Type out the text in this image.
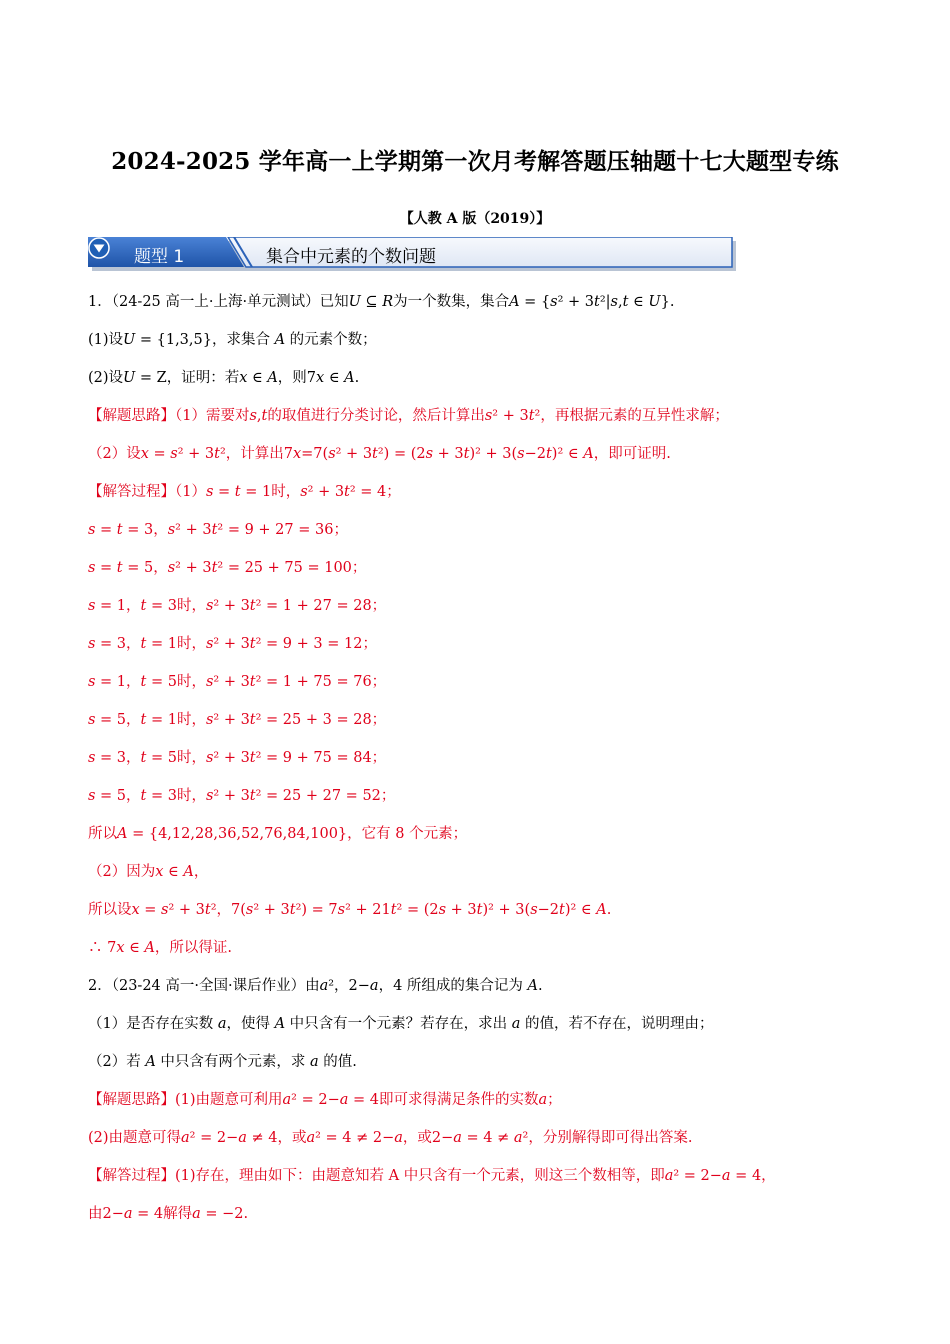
2024-2025 学年高一上学期第一次月考解答题压轴题十七大题型专练
【人教 A 版（2019）】
题型 1	集合中元素的个数问题
1．（24-25 高一上·上海·单元测试）已知𝑈 ⊆ 𝑅为一个数集，集合𝐴 = {𝑠² + 3𝑡²|𝑠,𝑡 ∈ 𝑈}.
(1)设𝑈 = {1,3,5}，求集合 𝐴 的元素个数；
(2)设𝑈 = Z，证明：若𝑥 ∈ 𝐴，则7𝑥 ∈ 𝐴.
【解题思路】（1）需要对𝑠,𝑡的取值进行分类讨论，然后计算出𝑠² + 3𝑡²，再根据元素的互异性求解；
（2）设𝑥 = 𝑠² + 3𝑡²，计算出7𝑥=7(𝑠² + 3𝑡²) = (2𝑠 + 3𝑡)² + 3(𝑠−2𝑡)² ∈ 𝐴，即可证明.
【解答过程】（1）𝑠 = 𝑡 = 1时，𝑠² + 3𝑡² = 4；
𝑠 = 𝑡 = 3，𝑠² + 3𝑡² = 9 + 27 = 36；
𝑠 = 𝑡 = 5，𝑠² + 3𝑡² = 25 + 75 = 100；
𝑠 = 1，𝑡 = 3时，𝑠² + 3𝑡² = 1 + 27 = 28；
𝑠 = 3，𝑡 = 1时，𝑠² + 3𝑡² = 9 + 3 = 12；
𝑠 = 1，𝑡 = 5时，𝑠² + 3𝑡² = 1 + 75 = 76；
𝑠 = 5，𝑡 = 1时，𝑠² + 3𝑡² = 25 + 3 = 28；
𝑠 = 3，𝑡 = 5时，𝑠² + 3𝑡² = 9 + 75 = 84；
𝑠 = 5，𝑡 = 3时，𝑠² + 3𝑡² = 25 + 27 = 52；
所以𝐴 = {4,12,28,36,52,76,84,100}，它有 8 个元素；
（2）因为𝑥 ∈ 𝐴，
所以设𝑥 = 𝑠² + 3𝑡²，7(𝑠² + 3𝑡²) = 7𝑠² + 21𝑡² = (2𝑠 + 3𝑡)² + 3(𝑠−2𝑡)² ∈ 𝐴.
∴ 7𝑥 ∈ 𝐴，所以得证.
2．（23-24 高一·全国·课后作业）由𝑎²，2−𝑎，4 所组成的集合记为 𝐴.
（1）是否存在实数 𝑎，使得 𝐴 中只含有一个元素？若存在，求出 𝑎 的值，若不存在，说明理由；
（2）若 𝐴 中只含有两个元素，求 𝑎 的值.
【解题思路】(1)由题意可利用𝑎² = 2−𝑎 = 4即可求得满足条件的实数𝑎；
(2)由题意可得𝑎² = 2−𝑎 ≠ 4，或𝑎² = 4 ≠ 2−𝑎，或2−𝑎 = 4 ≠ 𝑎²，分别解得即可得出答案.
【解答过程】(1)存在，理由如下：由题意知若 A 中只含有一个元素，则这三个数相等，即𝑎² = 2−𝑎 = 4，
由2−𝑎 = 4解得𝑎 = −2.
